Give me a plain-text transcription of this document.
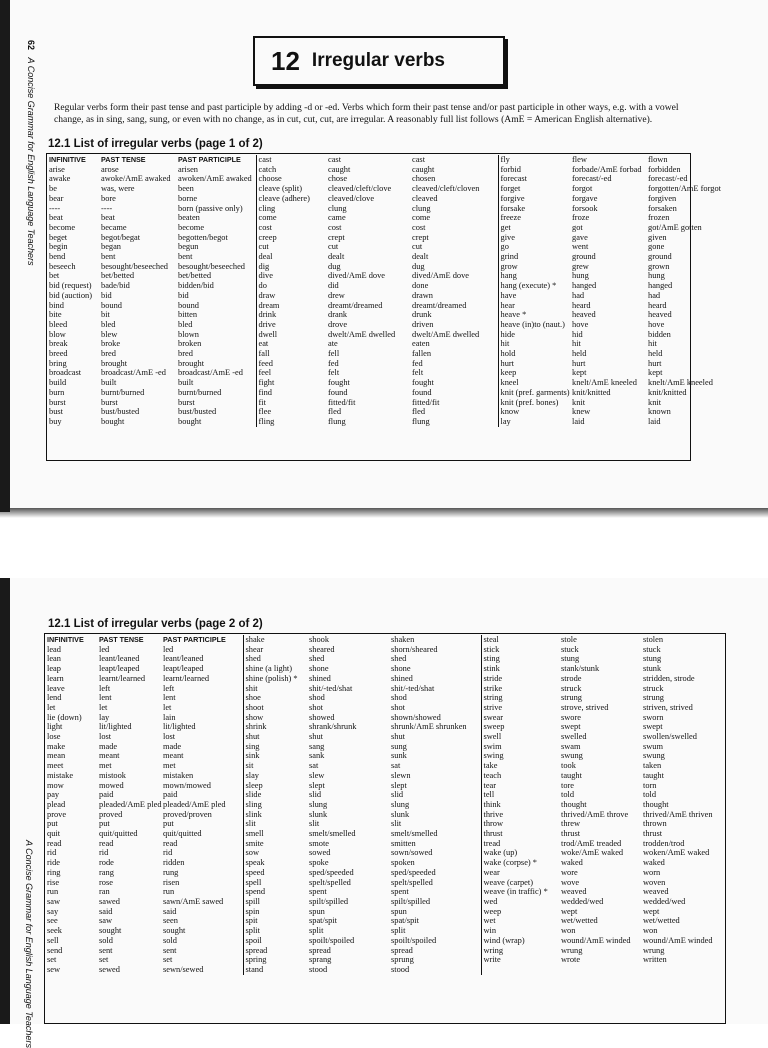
62   A Concise Grammar for English Language Teachers
A Concise Grammar for English Language Teachers
12 Irregular verbs
Regular verbs form their past tense and past participle by adding -d or -ed. Verbs which form their past tense and/or past participle in other ways, e.g. with a vowel change, as in sing, sang, sung, or even with no change, as in cut, cut, cut, are irregular. A reasonably full list follows (AmE = American English alternative).
12.1 List of irregular verbs (page 1 of 2)
INFINITIVE	PAST TENSE	PAST PARTICIPLE	cast	cast	cast	fly	flew	flown
arise	arose	arisen	catch	caught	caught	forbid	forbade/AmE forbad	forbidden
awake	awoke/AmE awaked	awoken/AmE awaked	choose	chose	chosen	forecast	forecast/-ed	forecast/-ed
be	was, were	been	cleave (split)	cleaved/cleft/clove	cleaved/cleft/cloven	forget	forgot	forgotten/AmE forgot
bear	bore	borne	cleave (adhere)	cleaved/clove	cleaved	forgive	forgave	forgiven
----	----	born (passive only)	cling	clung	clung	forsake	forsook	forsaken
beat	beat	beaten	come	came	come	freeze	froze	frozen
become	became	become	cost	cost	cost	get	got	got/AmE gotten
beget	begot/begat	begotten/begot	creep	crept	crept	give	gave	given
begin	began	begun	cut	cut	cut	go	went	gone
bend	bent	bent	deal	dealt	dealt	grind	ground	ground
beseech	besought/beseeched	besought/beseeched	dig	dug	dug	grow	grew	grown
bet	bet/betted	bet/betted	dive	dived/AmE dove	dived/AmE dove	hang	hung	hung
bid (request)	bade/bid	bidden/bid	do	did	done	hang (execute) *	hanged	hanged
bid (auction)	bid	bid	draw	drew	drawn	have	had	had
bind	bound	bound	dream	dreamt/dreamed	dreamt/dreamed	hear	heard	heard
bite	bit	bitten	drink	drank	drunk	heave *	heaved	heaved
bleed	bled	bled	drive	drove	driven	heave (in)to (naut.)	hove	hove
blow	blew	blown	dwell	dwelt/AmE dwelled	dwelt/AmE dwelled	hide	hid	bidden
break	broke	broken	eat	ate	eaten	hit	hit	hit
breed	bred	bred	fall	fell	fallen	hold	held	held
bring	brought	brought	feed	fed	fed	hurt	hurt	hurt
broadcast	broadcast/AmE -ed	broadcast/AmE -ed	feel	felt	felt	keep	kept	kept
build	built	built	fight	fought	fought	kneel	knelt/AmE kneeled	knelt/AmE kneeled
burn	burnt/burned	burnt/burned	find	found	found	knit (pref. garments)	knit/knitted	knit/knitted
burst	burst	burst	fit	fitted/fit	fitted/fit	knit (pref. bones)	knit	knit
bust	bust/busted	bust/busted	flee	fled	fled	know	knew	known
buy	bought	bought	fling	flung	flung	lay	laid	laid
12.1 List of irregular verbs (page 2 of 2)
INFINITIVE	PAST TENSE	PAST PARTICIPLE	shake	shook	shaken	steal	stole	stolen
lead	led	led	shear	sheared	shorn/sheared	stick	stuck	stuck
lean	leant/leaned	leant/leaned	shed	shed	shed	sting	stung	stung
leap	leapt/leaped	leapt/leaped	shine (a light)	shone	shone	stink	stank/stunk	stunk
learn	learnt/learned	learnt/learned	shine (polish) *	shined	shined	stride	strode	stridden, strode
leave	left	left	shit	shit/-ted/shat	shit/-ted/shat	strike	struck	struck
lend	lent	lent	shoe	shod	shod	string	strung	strung
let	let	let	shoot	shot	shot	strive	strove, strived	striven, strived
lie (down)	lay	lain	show	showed	shown/showed	swear	swore	sworn
light	lit/lighted	lit/lighted	shrink	shrank/shrunk	shrunk/AmE shrunken	sweep	swept	swept
lose	lost	lost	shut	shut	shut	swell	swelled	swollen/swelled
make	made	made	sing	sang	sung	swim	swam	swum
mean	meant	meant	sink	sank	sunk	swing	swung	swung
meet	met	met	sit	sat	sat	take	took	taken
mistake	mistook	mistaken	slay	slew	slewn	teach	taught	taught
mow	mowed	mown/mowed	sleep	slept	slept	tear	tore	torn
pay	paid	paid	slide	slid	slid	tell	told	told
plead	pleaded/AmE pled	pleaded/AmE pled	sling	slung	slung	think	thought	thought
prove	proved	proved/proven	slink	slunk	slunk	thrive	thrived/AmE throve	thrived/AmE thriven
put	put	put	slit	slit	slit	throw	threw	thrown
quit	quit/quitted	quit/quitted	smell	smelt/smelled	smelt/smelled	thrust	thrust	thrust
read	read	read	smite	smote	smitten	tread	trod/AmE treaded	trodden/trod
rid	rid	rid	sow	sowed	sown/sowed	wake (up)	woke/AmE waked	woken/AmE waked
ride	rode	ridden	speak	spoke	spoken	wake (corpse) *	waked	waked
ring	rang	rung	speed	sped/speeded	sped/speeded	wear	wore	worn
rise	rose	risen	spell	spelt/spelled	spelt/spelled	weave (carpet)	wove	woven
run	ran	run	spend	spent	spent	weave (in traffic) *	weaved	weaved
saw	sawed	sawn/AmE sawed	spill	spilt/spilled	spilt/spilled	wed	wedded/wed	wedded/wed
say	said	said	spin	spun	spun	weep	wept	wept
see	saw	seen	spit	spat/spit	spat/spit	wet	wet/wetted	wet/wetted
seek	sought	sought	split	split	split	win	won	won
sell	sold	sold	spoil	spoilt/spoiled	spoilt/spoiled	wind (wrap)	wound/AmE winded	wound/AmE winded
send	sent	sent	spread	spread	spread	wring	wrung	wrung
set	set	set	spring	sprang	sprung	write	wrote	written
sew	sewed	sewn/sewed	stand	stood	stood			
